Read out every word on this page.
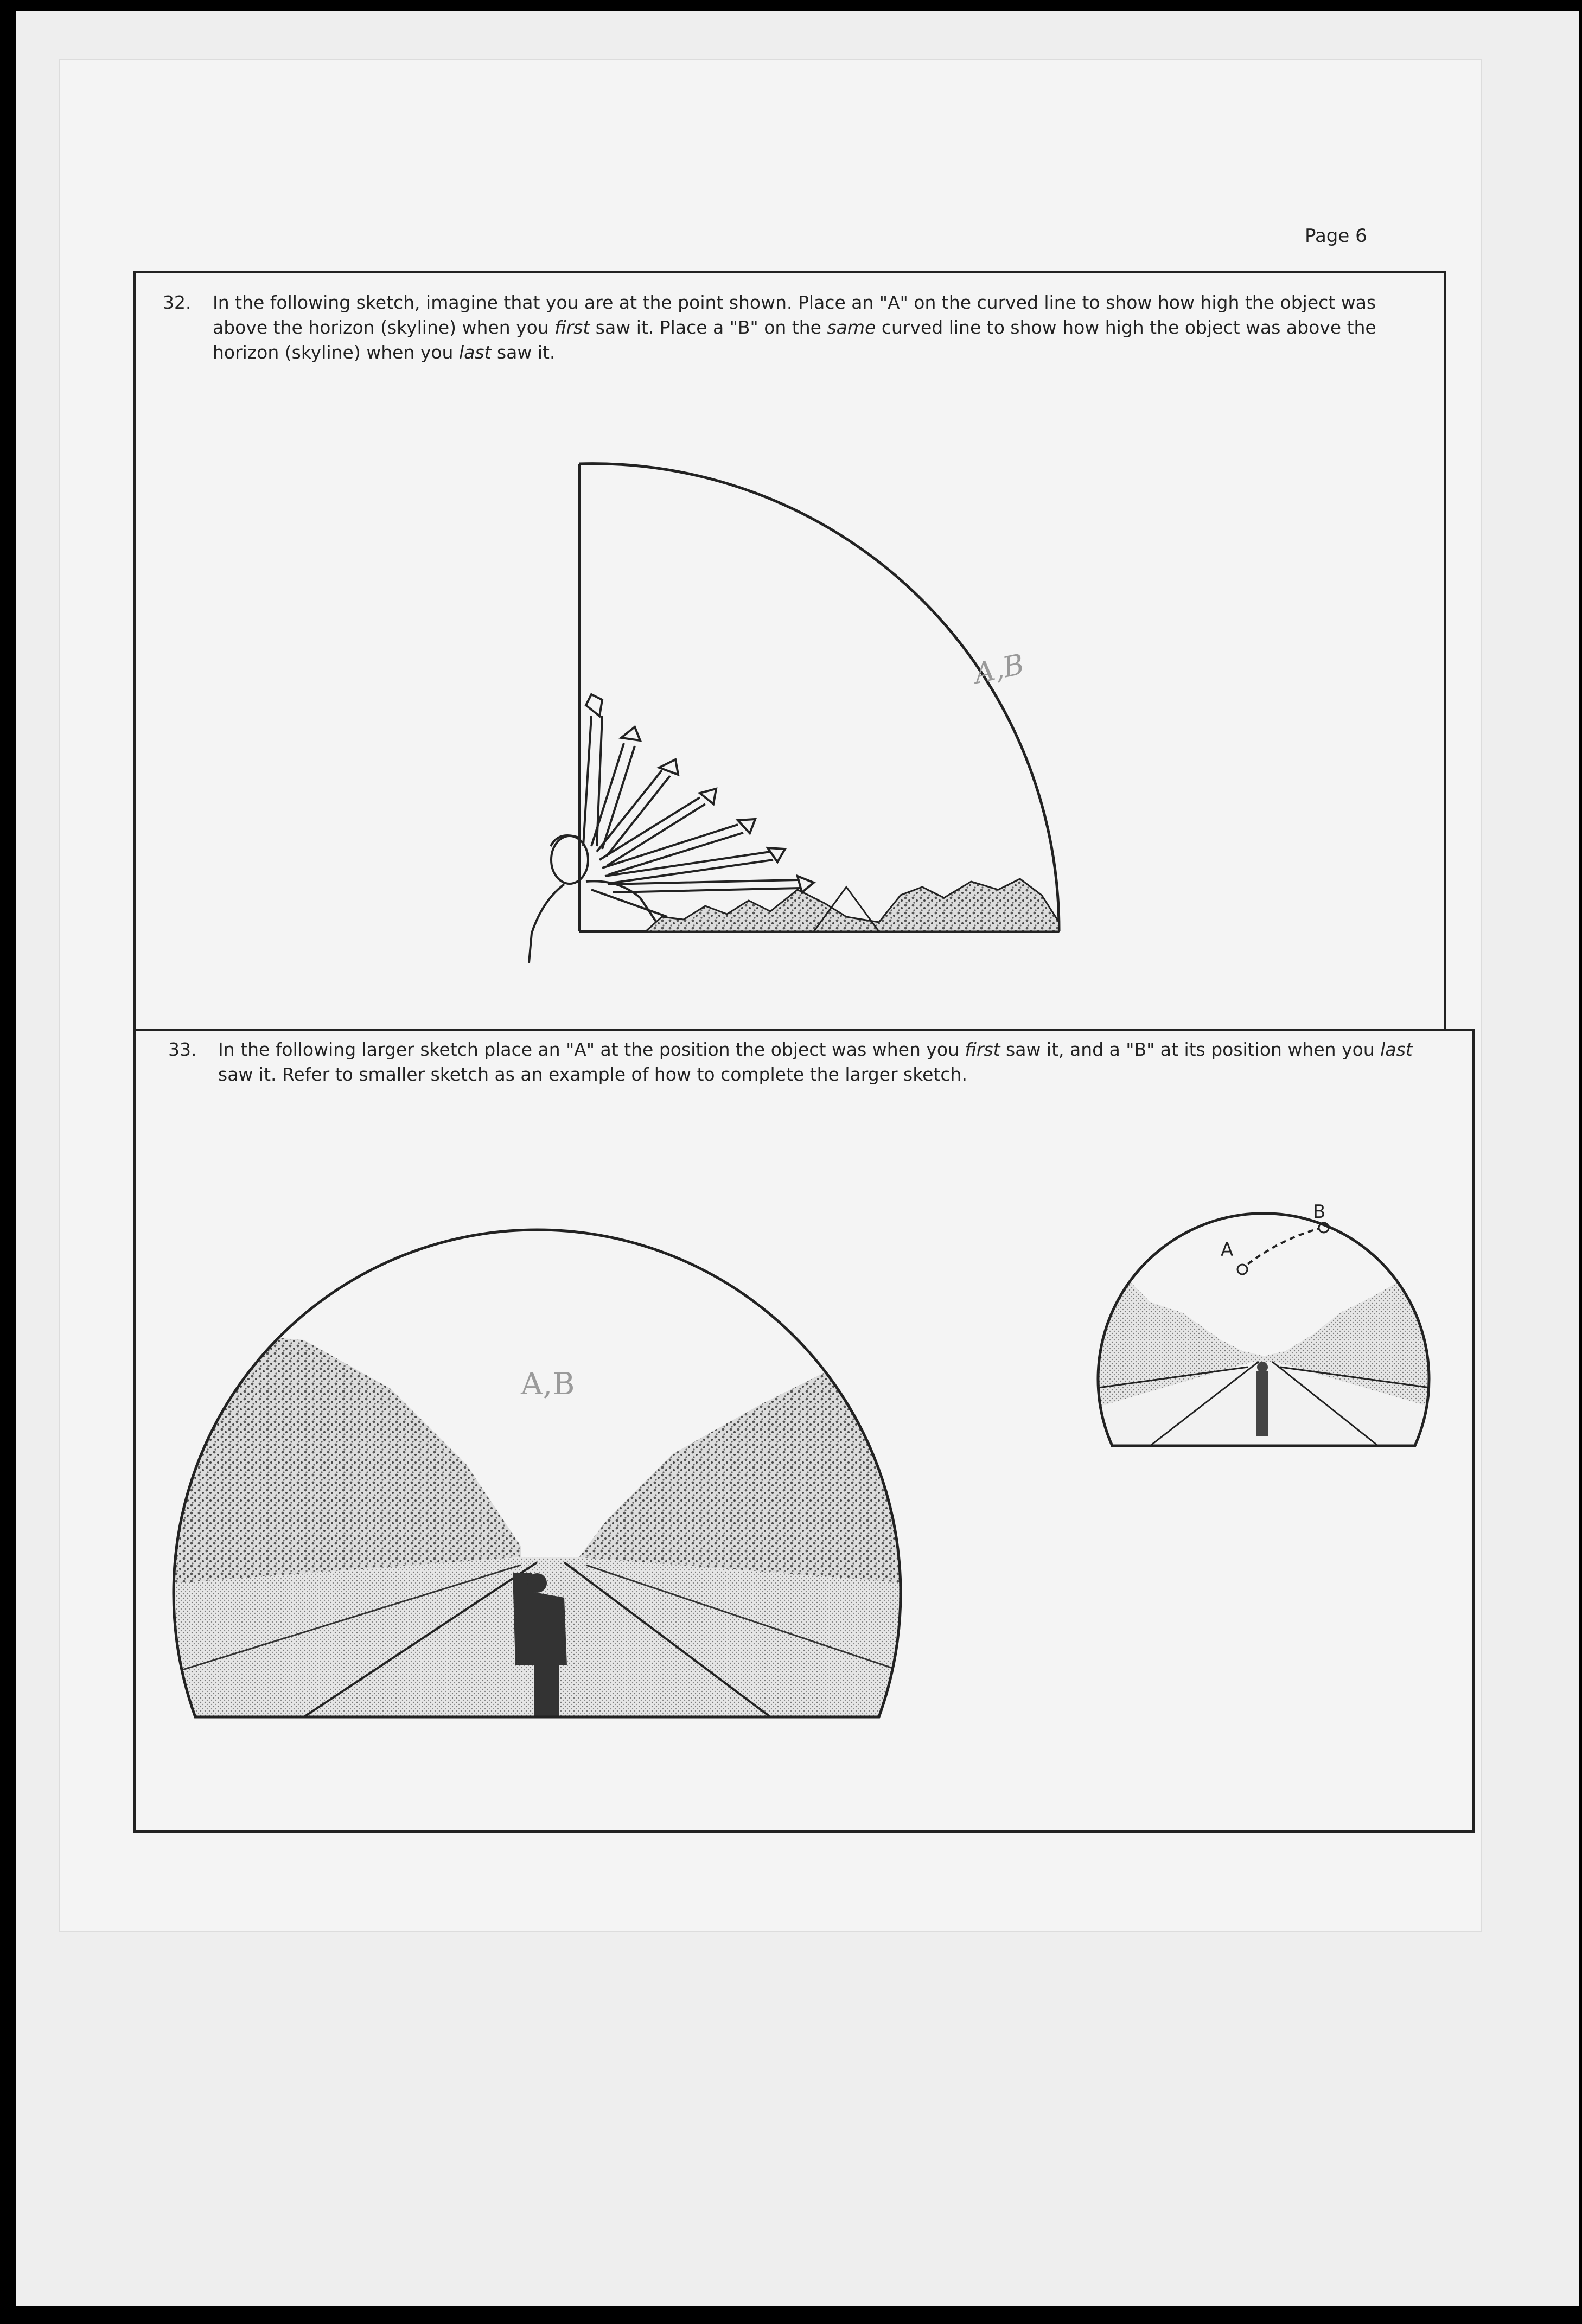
Page 6
32. In the following sketch, imagine that you are at the point shown. Place an "A" on the curved line to show how high the object was above the horizon (skyline) when you first saw it. Place a "B" on the same curved line to show how high the object was above the horizon (skyline) when you last saw it.
33. In the following larger sketch place an "A" at the position the object was when you first saw it, and a "B" at its position when you last saw it. Refer to smaller sketch as an example of how to complete the larger sketch.
A,B
A,B
A
B
